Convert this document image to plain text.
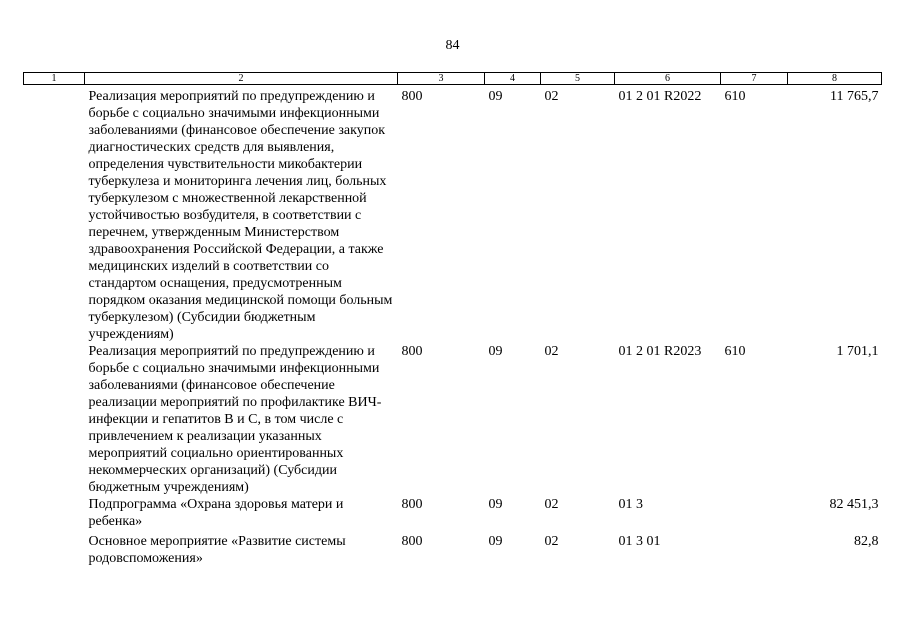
84
1	2	3	4	5	6	7	8
	Реализация мероприятий по предупреждению и борьбе с социально значимыми инфекционными заболеваниями (финансовое обеспечение закупок диагностических средств для выявления, определения чувствительности микобактерии туберкулеза и мониторинга лечения лиц, больных туберкулезом с множественной лекарственной устойчивостью возбудителя, в соответствии с перечнем, утвержденным Министерством здравоохранения Российской Федерации, а также медицинских изделий в соответствии со стандартом оснащения, предусмотренным порядком оказания медицинской помощи больным туберкулезом) (Субсидии бюджетным учреждениям)	800	09	02	01 2 01 R2022	610	11 765,7
	Реализация мероприятий по предупреждению и борьбе с социально значимыми инфекционными заболеваниями (финансовое обеспечение реализации мероприятий по профилактике ВИЧ-инфекции и гепатитов В и С, в том числе с привлечением к реализации указанных мероприятий социально ориентированных некоммерческих организаций) (Субсидии бюджетным учреждениям)	800	09	02	01 2 01 R2023	610	1 701,1
	Подпрограмма «Охрана здоровья матери и ребенка»	800	09	02	01 3		82 451,3
	Основное мероприятие «Развитие системы родовспоможения»	800	09	02	01 3 01		82,8
